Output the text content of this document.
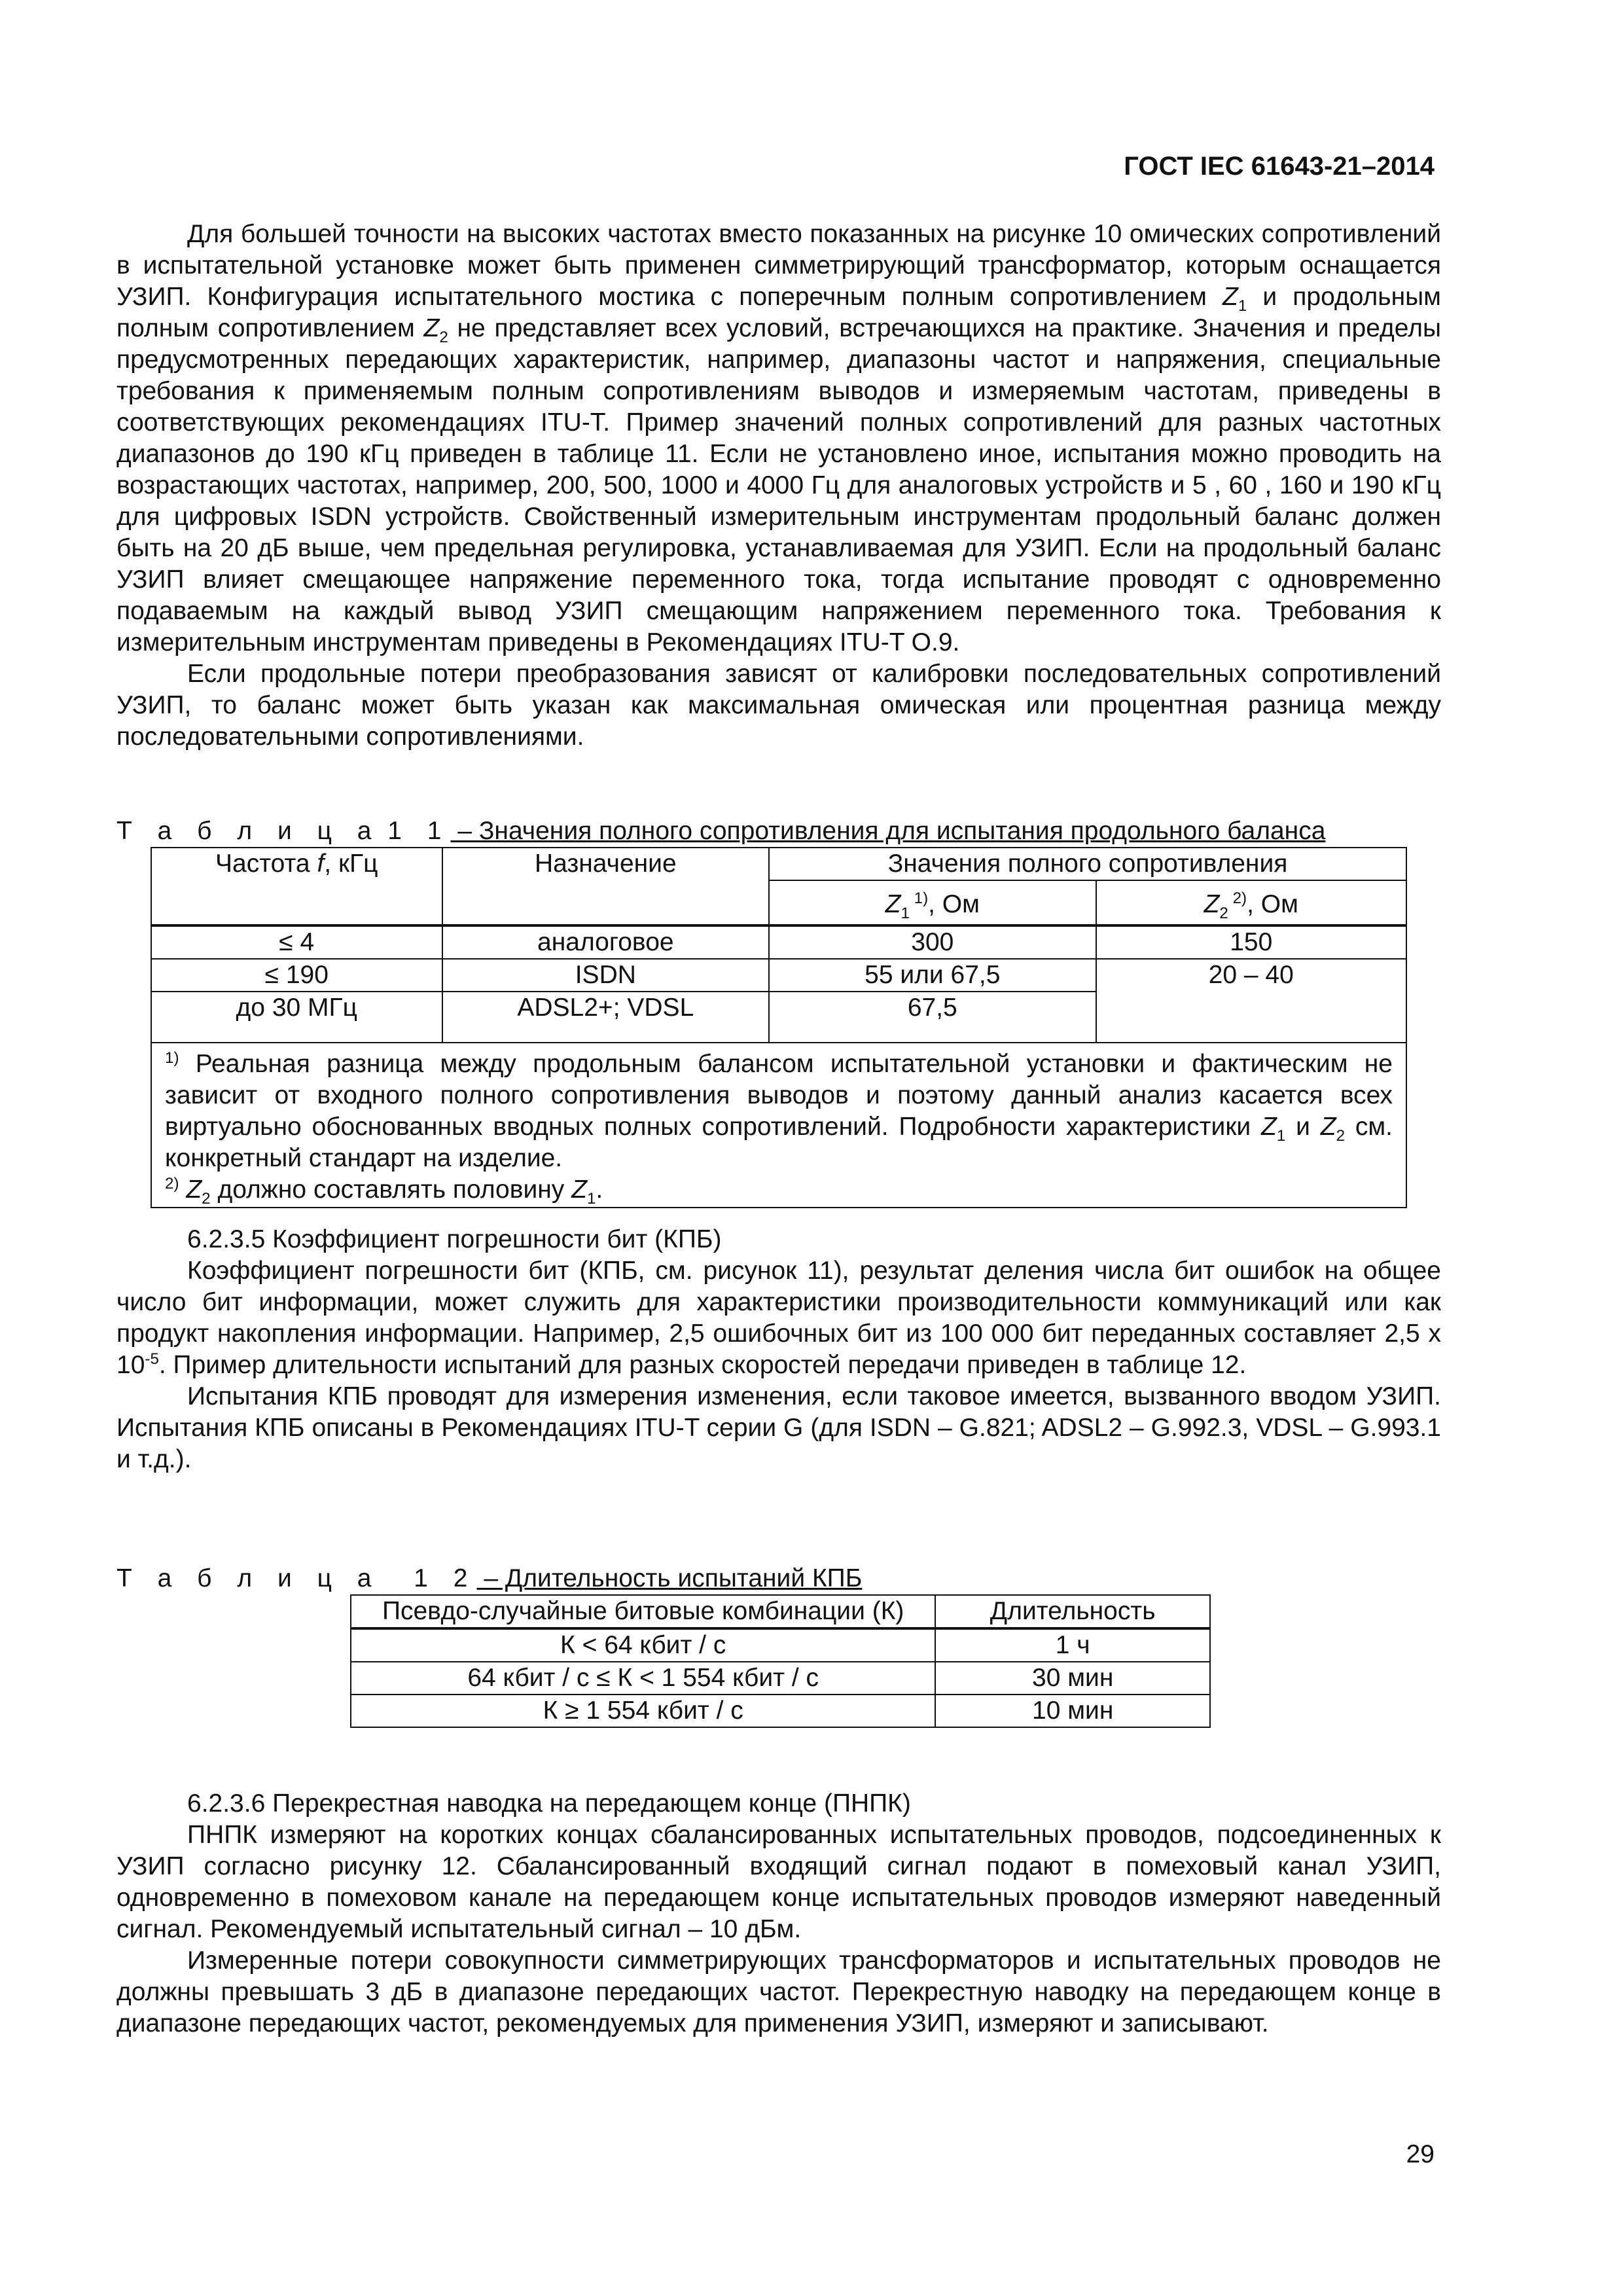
ГОСТ IEC 61643-21–2014

Для большей точности на высоких частотах вместо показанных на рисунке 10 омических сопротивлений в испытательной установке может быть применен симметрирующий трансформатор, которым оснащается УЗИП. Конфигурация испытательного мостика с поперечным полным сопротивлением $Z_1$ и продольным полным сопротивлением $Z_2$ не представляет всех условий, встречающихся на практике. Значения и пределы предусмотренных передающих характеристик, например, диапазоны частот и напряжения, специальные требования к применяемым полным сопротивлениям выводов и измеряемым частотам, приведены в соответствующих рекомендациях ITU-T. Пример значений полных сопротивлений для разных частотных диапазонов до 190 кГц приведен в таблице 11. Если не установлено иное, испытания можно проводить на возрастающих частотах, например, 200, 500, 1000 и 4000 Гц для аналоговых устройств и 5 , 60 , 160 и 190 кГц для цифровых ISDN устройств. Свойственный измерительным инструментам продольный баланс должен быть на 20 дБ выше, чем предельная регулировка, устанавливаемая для УЗИП. Если на продольный баланс УЗИП влияет смещающее напряжение переменного тока, тогда испытание проводят с одновременно подаваемым на каждый вывод УЗИП смещающим напряжением переменного тока. Требования к измерительным инструментам приведены в Рекомендациях ITU-T O.9.

Если продольные потери преобразования зависят от калибровки последовательных сопротивлений УЗИП, то баланс может быть указан как максимальная омическая или процентная разница между последовательными сопротивлениями.

Т а б л и ц а 1 1 – Значения полного сопротивления для испытания продольного баланса
Частота f, кГц	Назначение	Значения полного сопротивления	
		$Z_1$ $^{1)}$, Ом	$Z_2$ $^{2)}$, Ом
≤ 4	аналоговое	300	150
≤ 190	ISDN	55 или 67,5	20 – 40
до 30 МГц	ADSL2+; VDSL	67,5	

$^{1)}$ Реальная разница между продольным балансом испытательной установки и фактическим не зависит от входного полного сопротивления выводов и поэтому данный анализ касается всех виртуально обоснованных вводных полных сопротивлений. Подробности характеристики $Z_1$ и $Z_2$ см. конкретный стандарт на изделие.
$^{2)}$ $Z_2$ должно составлять половину $Z_1$.			

6.2.3.5 Коэффициент погрешности бит (КПБ)

Коэффициент погрешности бит (КПБ, см. рисунок 11), результат деления числа бит ошибок на общее число бит информации, может служить для характеристики производительности коммуникаций или как продукт накопления информации. Например, 2,5 ошибочных бит из 100 000 бит переданных составляет 2,5 х $10^{-5}$. Пример длительности испытаний для разных скоростей передачи приведен в таблице 12.

Испытания КПБ проводят для измерения изменения, если таковое имеется, вызванного вводом УЗИП. Испытания КПБ описаны в Рекомендациях ITU-T серии G (для ISDN – G.821; ADSL2 – G.992.3, VDSL – G.993.1 и т.д.).

Т а б л и ц а 1 2 – Длительность испытаний КПБ
Псевдо-случайные битовые комбинации (К)	Длительность
К < 64 кбит / с	1 ч
64 кбит / с ≤ К < 1 554 кбит / с	30 мин
К ≥ 1 554 кбит / с	10 мин

6.2.3.6 Перекрестная наводка на передающем конце (ПНПК)

ПНПК измеряют на коротких концах сбалансированных испытательных проводов, подсоединенных к УЗИП согласно рисунку 12. Сбалансированный входящий сигнал подают в помеховый канал УЗИП, одновременно в помеховом канале на передающем конце испытательных проводов измеряют наведенный сигнал. Рекомендуемый испытательный сигнал – 10 дБм.

Измеренные потери совокупности симметрирующих трансформаторов и испытательных проводов не должны превышать 3 дБ в диапазоне передающих частот. Перекрестную наводку на передающем конце в диапазоне передающих частот, рекомендуемых для применения УЗИП, измеряют и записывают.

29
